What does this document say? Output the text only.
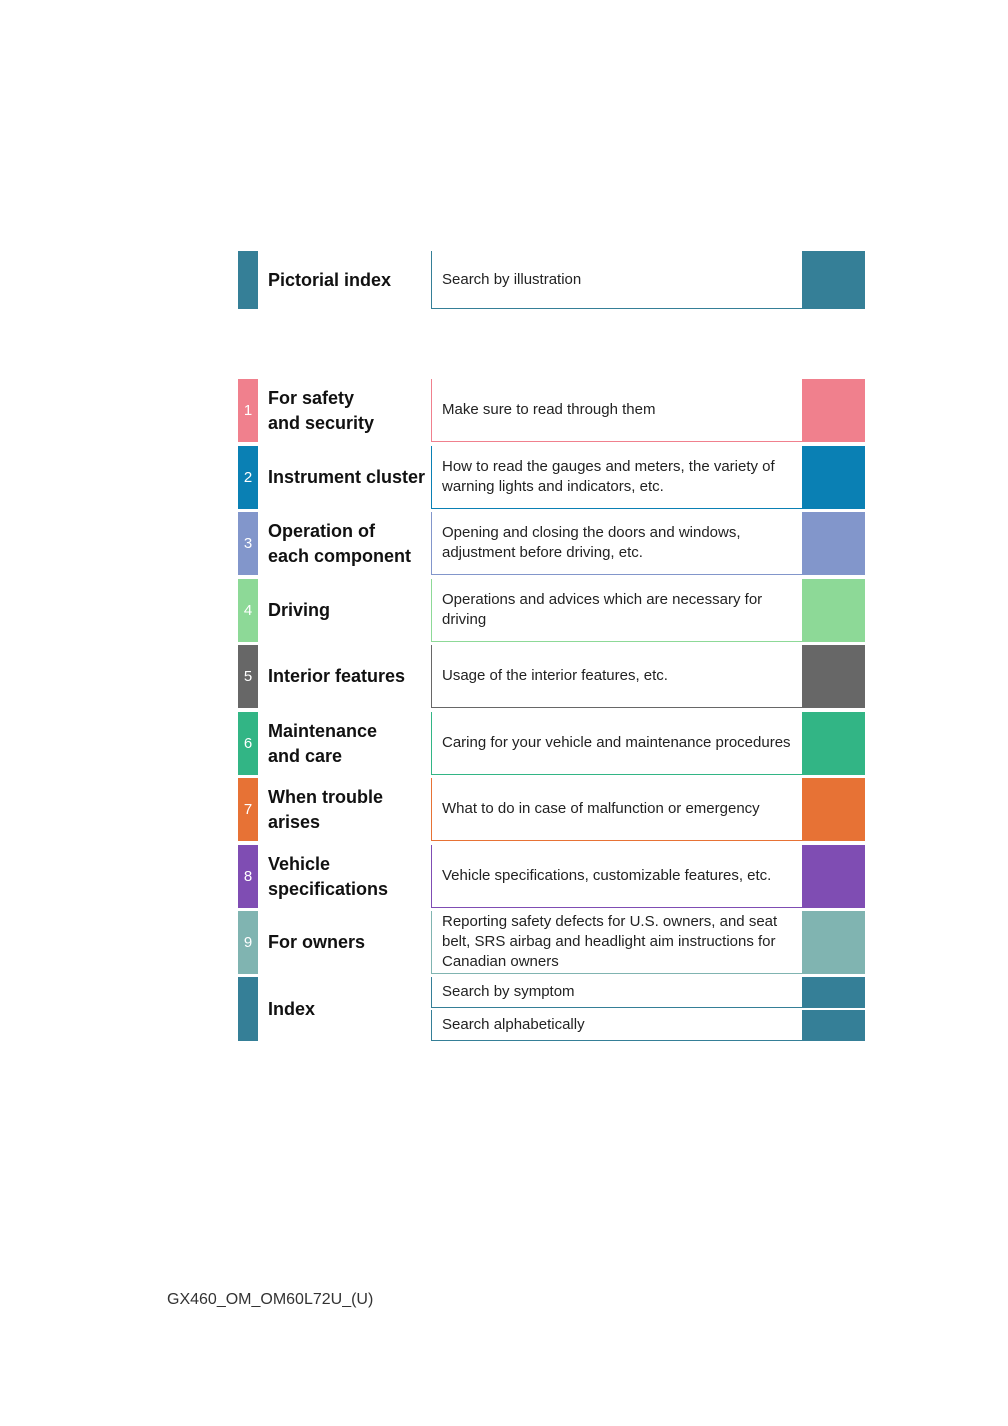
Pictorial index	Search by illustration
1
For safety
and security
Make sure to read through them
2 Instrument cluster
How to read the gauges and meters, the variety of warning lights and indicators, etc.
3
Operation of
each component
Opening and closing the doors and windows, adjustment before driving, etc.
4 Driving
Operations and advices which are necessary for driving
5 Interior features	Usage of the interior features, etc.
6
Maintenance
and care
Caring for your vehicle and maintenance procedures
7
When trouble
arises
What to do in case of malfunction or emergency
8
Vehicle
specifications
Vehicle specifications, customizable features, etc.
9 For owners
Reporting safety defects for U.S. owners, and seat belt, SRS airbag and headlight aim instructions for Canadian owners
Index
Search by symptom
Search alphabetically
GX460_OM_OM60L72U_(U)
